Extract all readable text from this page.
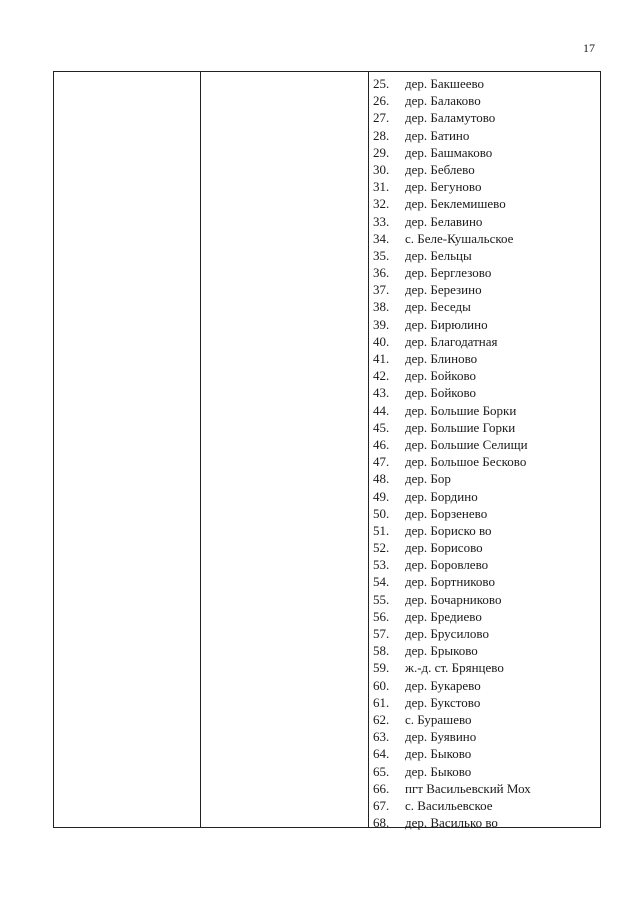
17
25. дер. Бакшеево
26. дер. Балаково
27. дер. Баламутово
28. дер. Батино
29. дер. Башмаково
30. дер. Беблево
31. дер. Бегуново
32. дер. Беклемишево
33. дер. Белавино
34. с. Беле-Кушальское
35. дер. Бельцы
36. дер. Берглезово
37. дер. Березино
38. дер. Беседы
39. дер. Бирюлино
40. дер. Благодатная
41. дер. Блиново
42. дер. Бойково
43. дер. Бойково
44. дер. Большие Борки
45. дер. Большие Горки
46. дер. Большие Селищи
47. дер. Большое Бесково
48. дер. Бор
49. дер. Бордино
50. дер. Борзенево
51. дер. Бориско во
52. дер. Борисово
53. дер. Боровлево
54. дер. Бортниково
55. дер. Бочарниково
56. дер. Бредиево
57. дер. Брусилово
58. дер. Брыково
59. ж.-д. ст. Брянцево
60. дер. Букарево
61. дер. Букстово
62. с. Бурашево
63. дер. Буявино
64. дер. Быково
65. дер. Быково
66. пгт Васильевский Мох
67. с. Васильевское
68. дер. Василько во
